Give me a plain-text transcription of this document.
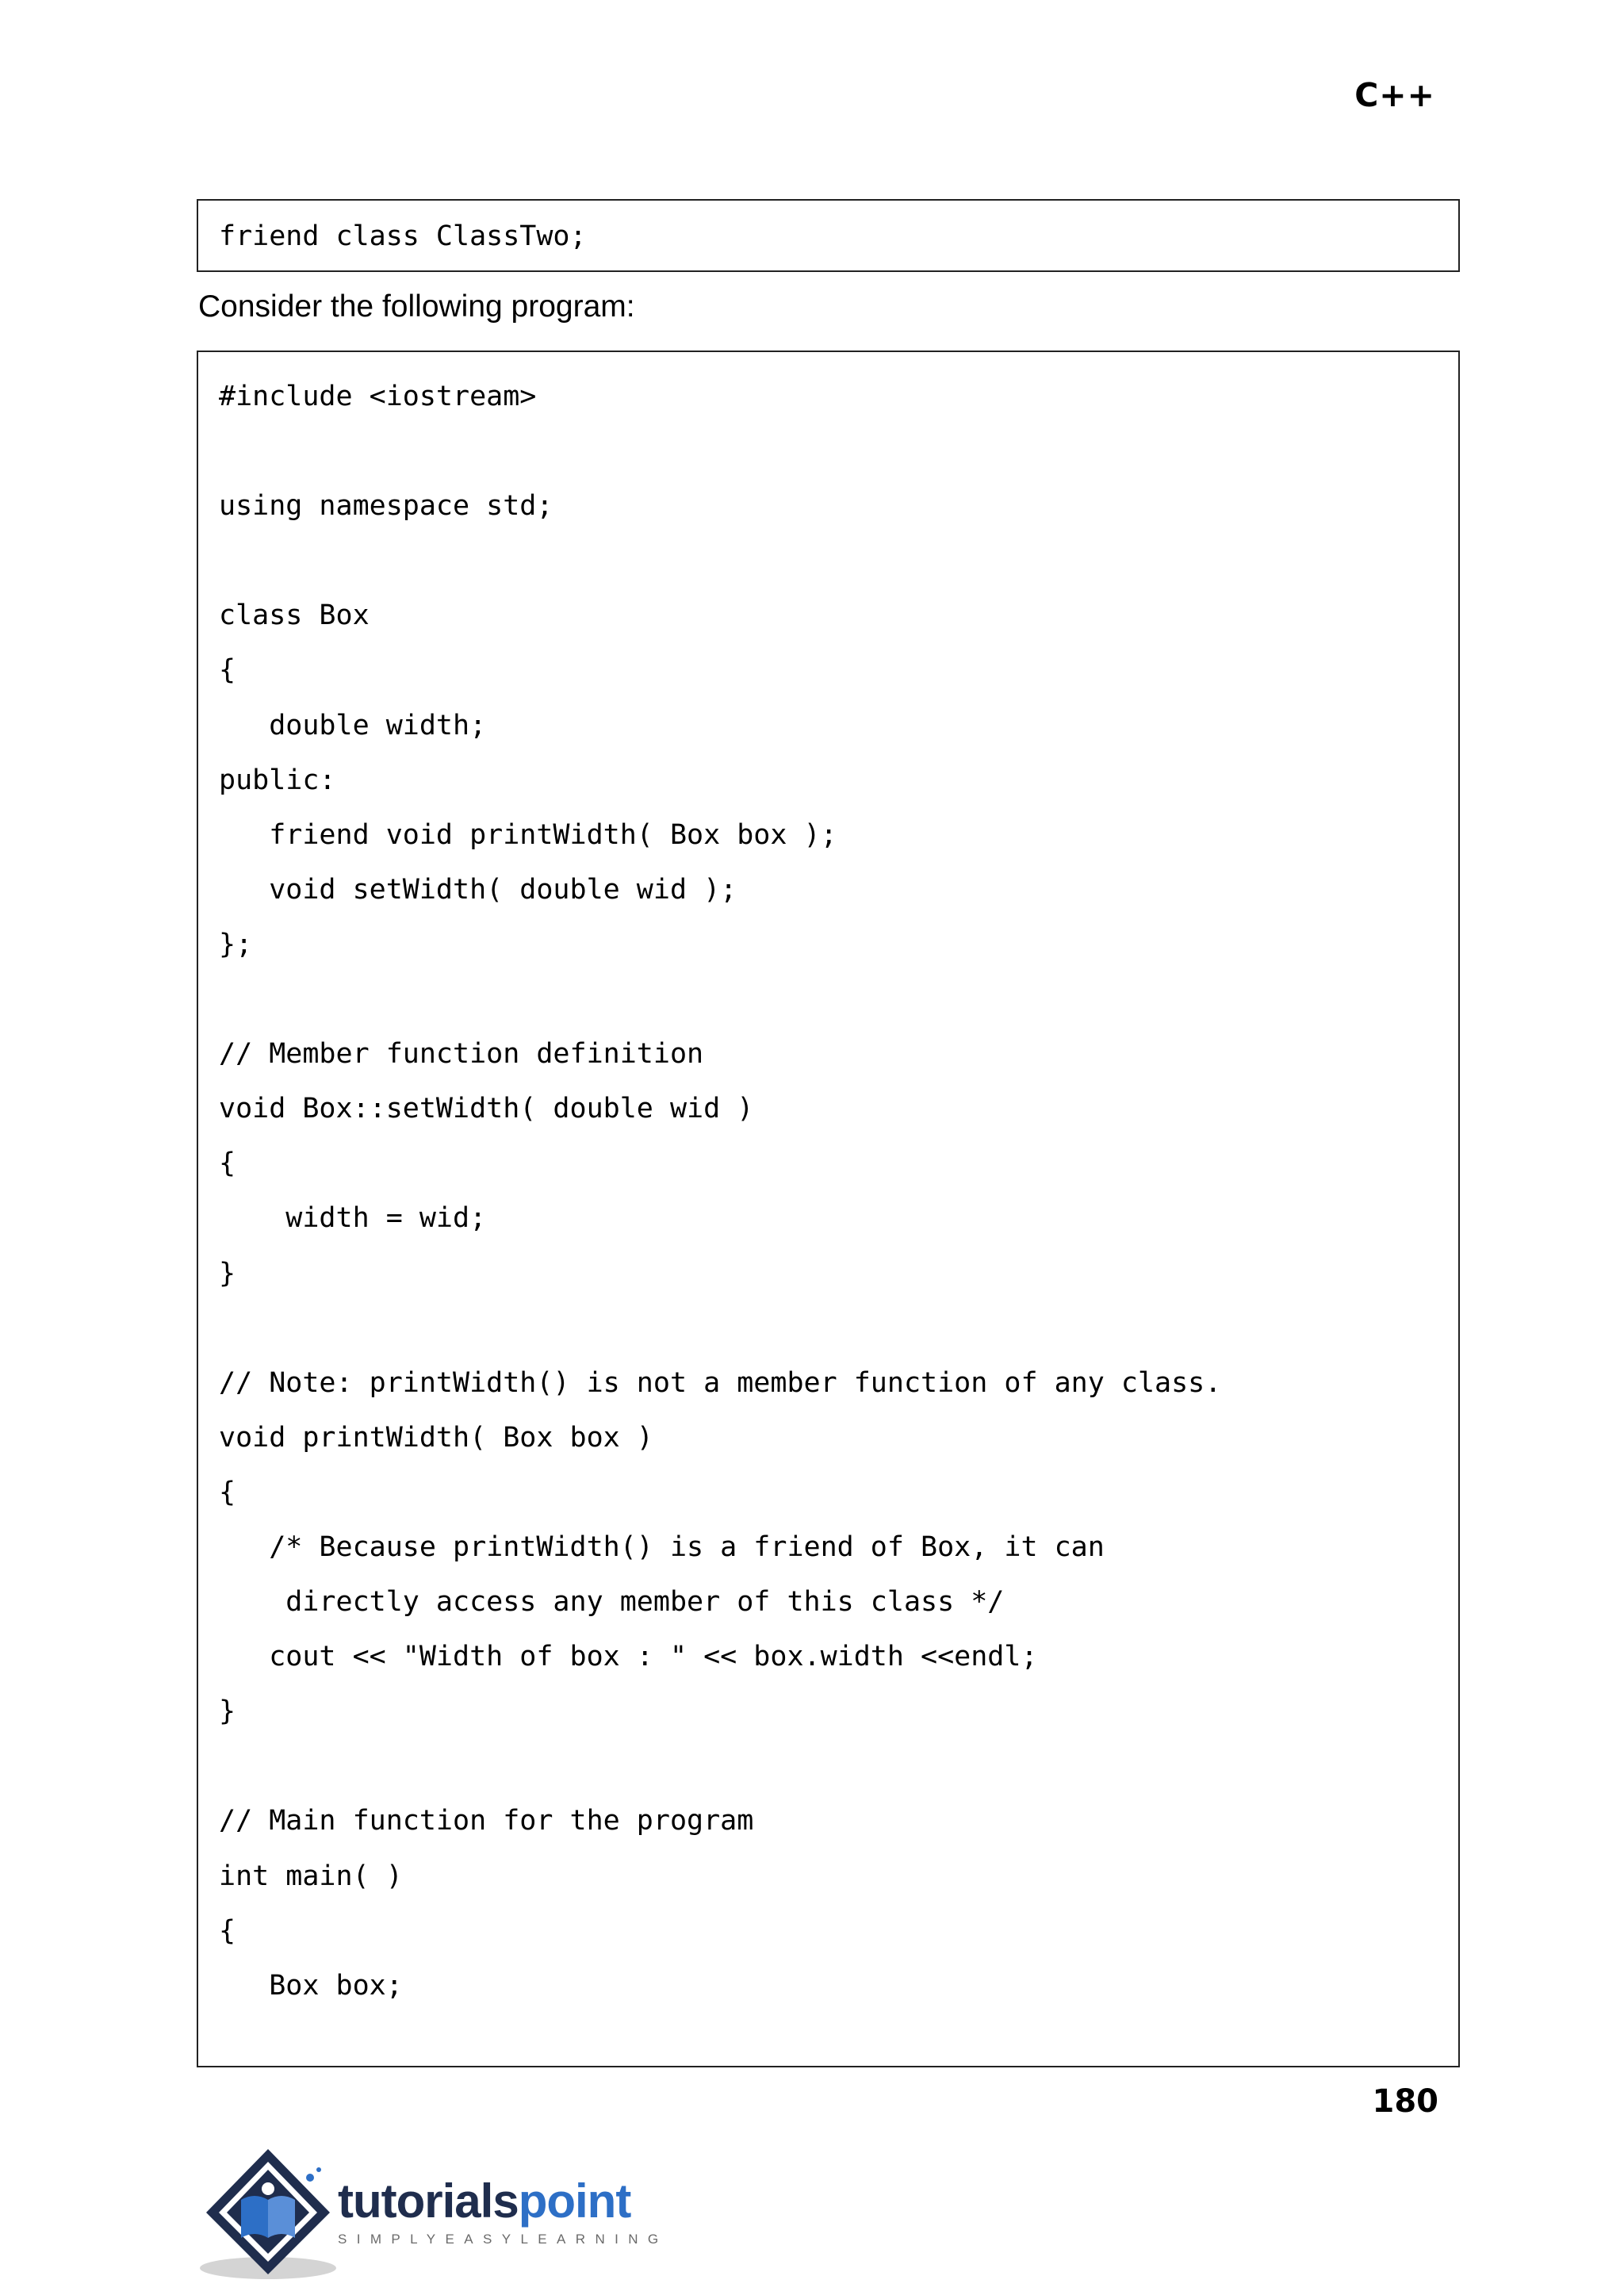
C++
friend class ClassTwo;
Consider the following program:
#include <iostream>

using namespace std;

class Box
{
double width;
public:
friend void printWidth( Box box );
void setWidth( double wid );
};

// Member function definition
void Box::setWidth( double wid )
{
width = wid;
}

// Note: printWidth() is not a member function of any class.
void printWidth( Box box )
{
/* Because printWidth() is a friend of Box, it can
directly access any member of this class */
cout << "Width of box : " << box.width <<endl;
}

// Main function for the program
int main( )
{
Box box;
180
tutorialspoint
SIMPLYEASYLEARNING
